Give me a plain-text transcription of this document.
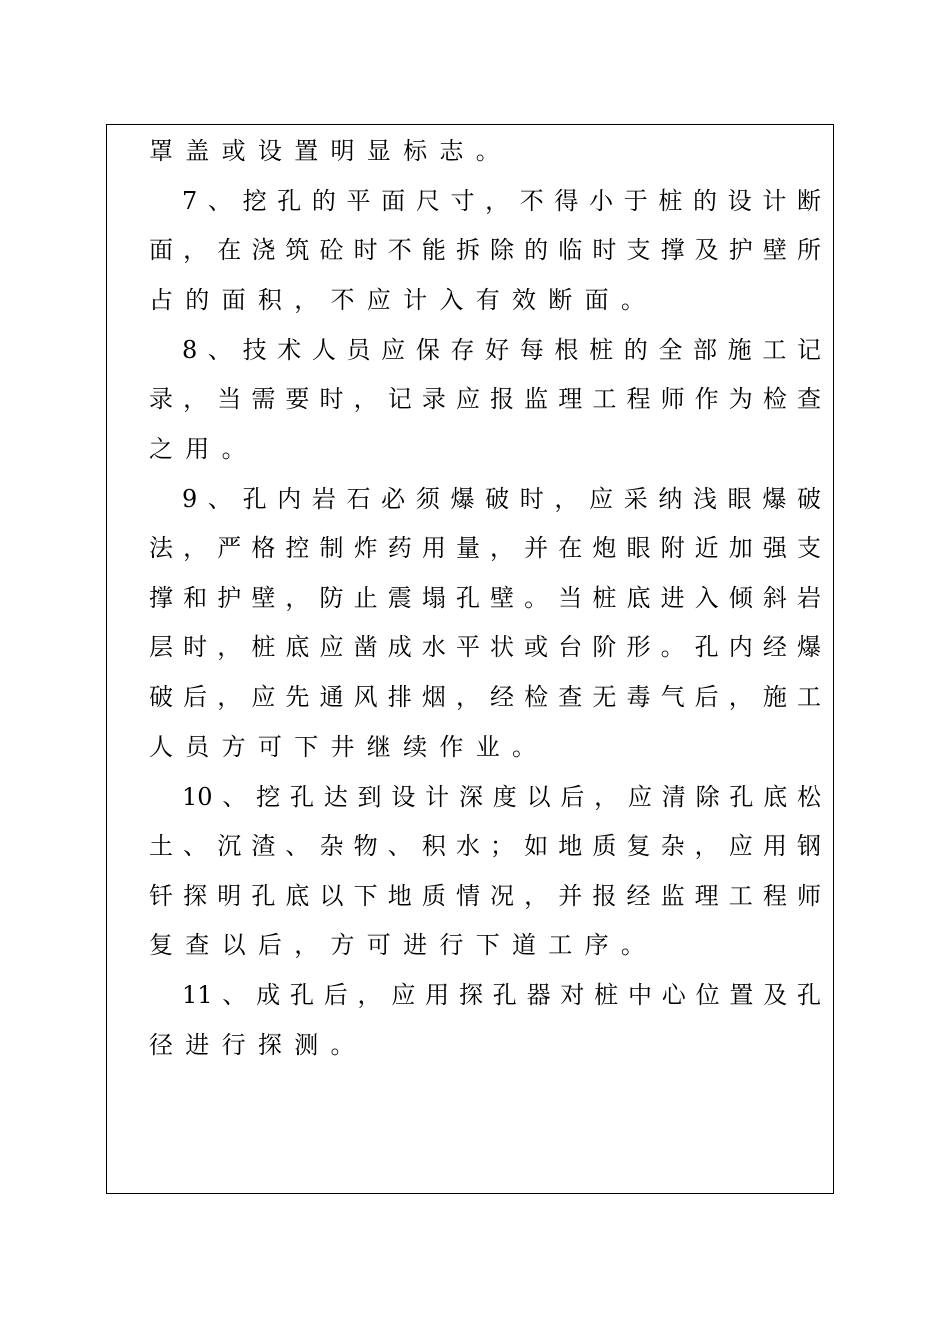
罩盖或设置明显标志。
7、挖孔的平面尺寸，不得小于桩的设计断
面，在浇筑砼时不能拆除的临时支撑及护壁所
占的面积，不应计入有效断面。
8、技术人员应保存好每根桩的全部施工记
录，当需要时，记录应报监理工程师作为检查
之用。
9、孔内岩石必须爆破时，应采纳浅眼爆破
法，严格控制炸药用量，并在炮眼附近加强支
撑和护壁，防止震塌孔壁。当桩底进入倾斜岩
层时，桩底应凿成水平状或台阶形。孔内经爆
破后，应先通风排烟，经检查无毒气后，施工
人员方可下井继续作业。
10、挖孔达到设计深度以后，应清除孔底松
土、沉渣、杂物、积水；如地质复杂，应用钢
钎探明孔底以下地质情况，并报经监理工程师
复查以后，方可进行下道工序。
11、成孔后，应用探孔器对桩中心位置及孔
径进行探测。
